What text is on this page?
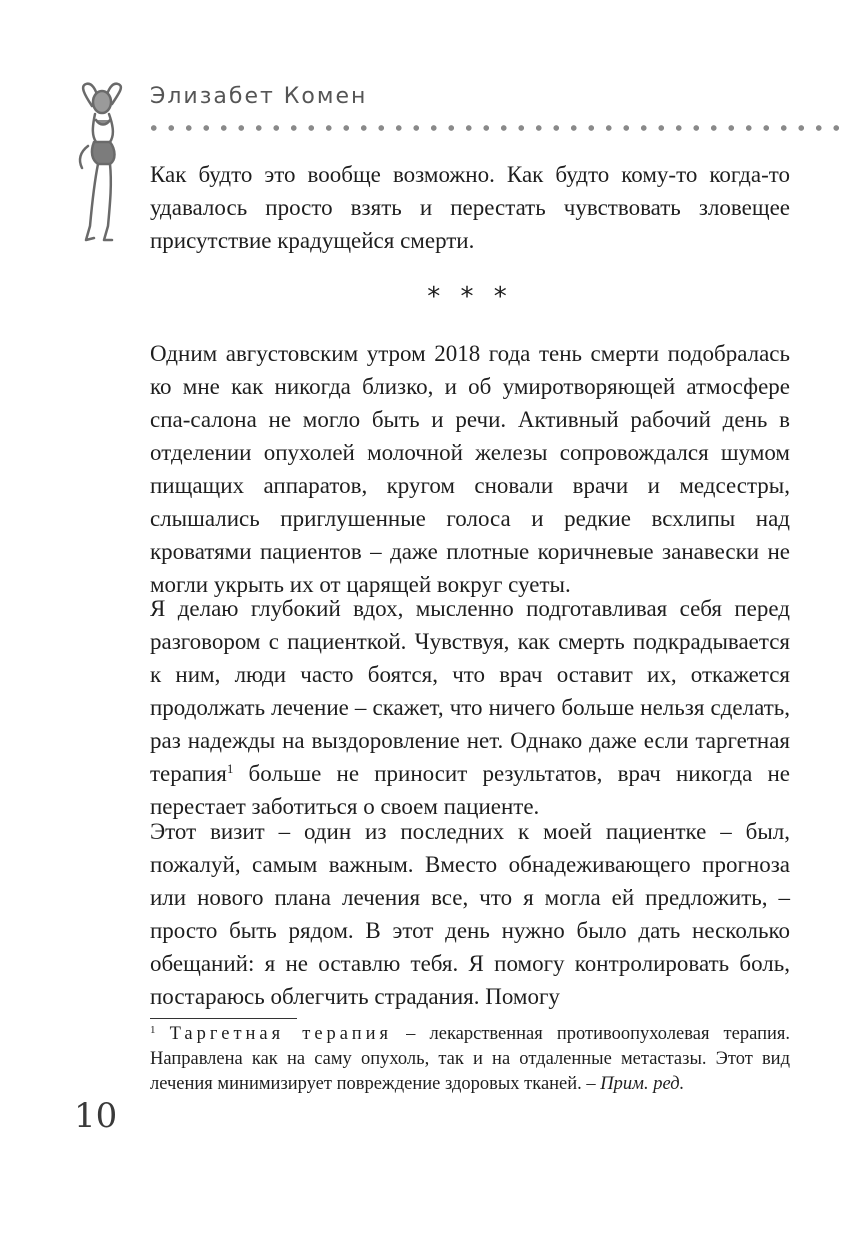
Элизабет Комен

Как будто это вообще возможно. Как будто кому-то когда-то удавалось просто взять и перестать чувствовать зловещее присутствие крадущейся смерти.

* * *

Одним августовским утром 2018 года тень смерти подобралась ко мне как никогда близко, и об умиротворяющей атмосфере спа-салона не могло быть и речи. Активный рабочий день в отделении опухолей молочной железы сопровождался шумом пищащих аппаратов, кругом сновали врачи и медсестры, слышались приглушенные голоса и редкие всхлипы над кроватями пациентов – даже плотные коричневые занавески не могли укрыть их от царящей вокруг суеты.

Я делаю глубокий вдох, мысленно подготавливая себя перед разговором с пациенткой. Чувствуя, как смерть подкрадывается к ним, люди часто боятся, что врач оставит их, откажется продолжать лечение – скажет, что ничего больше нельзя сделать, раз надежды на выздоровление нет. Однако даже если таргетная терапия$^1$ больше не приносит результатов, врач никогда не перестает заботиться о своем пациенте.

Этот визит – один из последних к моей пациентке – был, пожалуй, самым важным. Вместо обнадеживающего прогноза или нового плана лечения все, что я могла ей предложить, – просто быть рядом. В этот день нужно было дать несколько обещаний: я не оставлю тебя. Я помогу контролировать боль, постараюсь облегчить страдания. Помогу

$^1$ Таргетная терапия – лекарственная противоопухолевая терапия. Направлена как на саму опухоль, так и на отдаленные метастазы. Этот вид лечения минимизирует повреждение здоровых тканей. – Прим. ред.
10
